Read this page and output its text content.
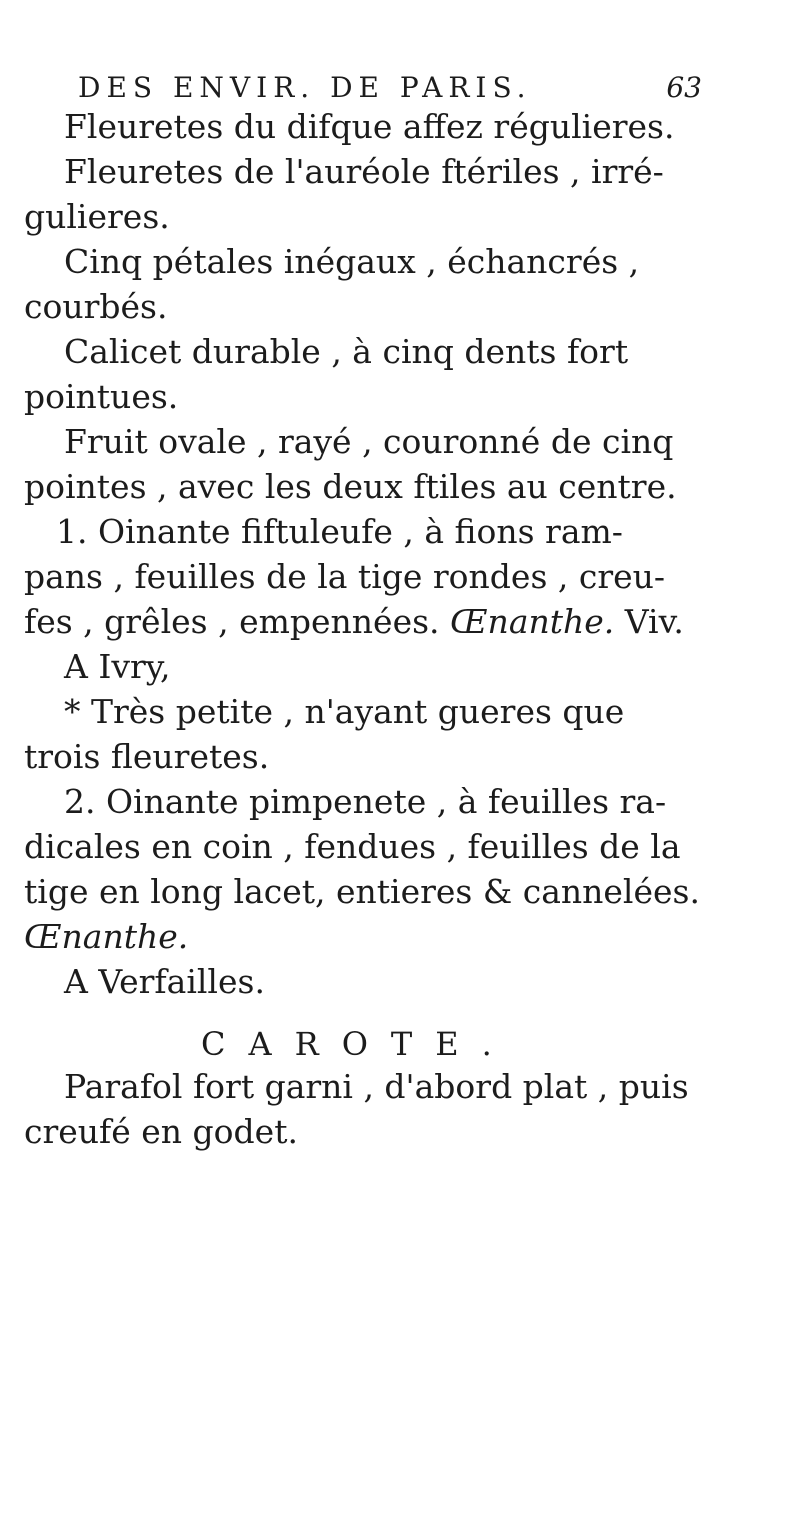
DES ENVIR. DE PARIS.	63
Fleuretes du difque affez régulieres.
Fleuretes de l'auréole ftériles , irré-
gulieres.
Cinq pétales inégaux , échancrés ,
courbés.
Calicet durable , à cinq dents fort
pointues.
Fruit ovale , rayé , couronné de cinq
pointes , avec les deux ftiles au centre.
1. Oinante fiftuleufe , à fions ram-
pans , feuilles de la tige rondes , creu-
fes , grêles , empennées. Œnanthe. Viv.
A Ivry,
* Très petite , n'ayant gueres que
trois fleuretes.
2. Oinante pimpenete , à feuilles ra-
dicales en coin , fendues , feuilles de la
tige en long lacet, entieres & cannelées.
Œnanthe.
A Verfailles.
CAROTE.
Parafol fort garni , d'abord plat , puis
creufé en godet.
